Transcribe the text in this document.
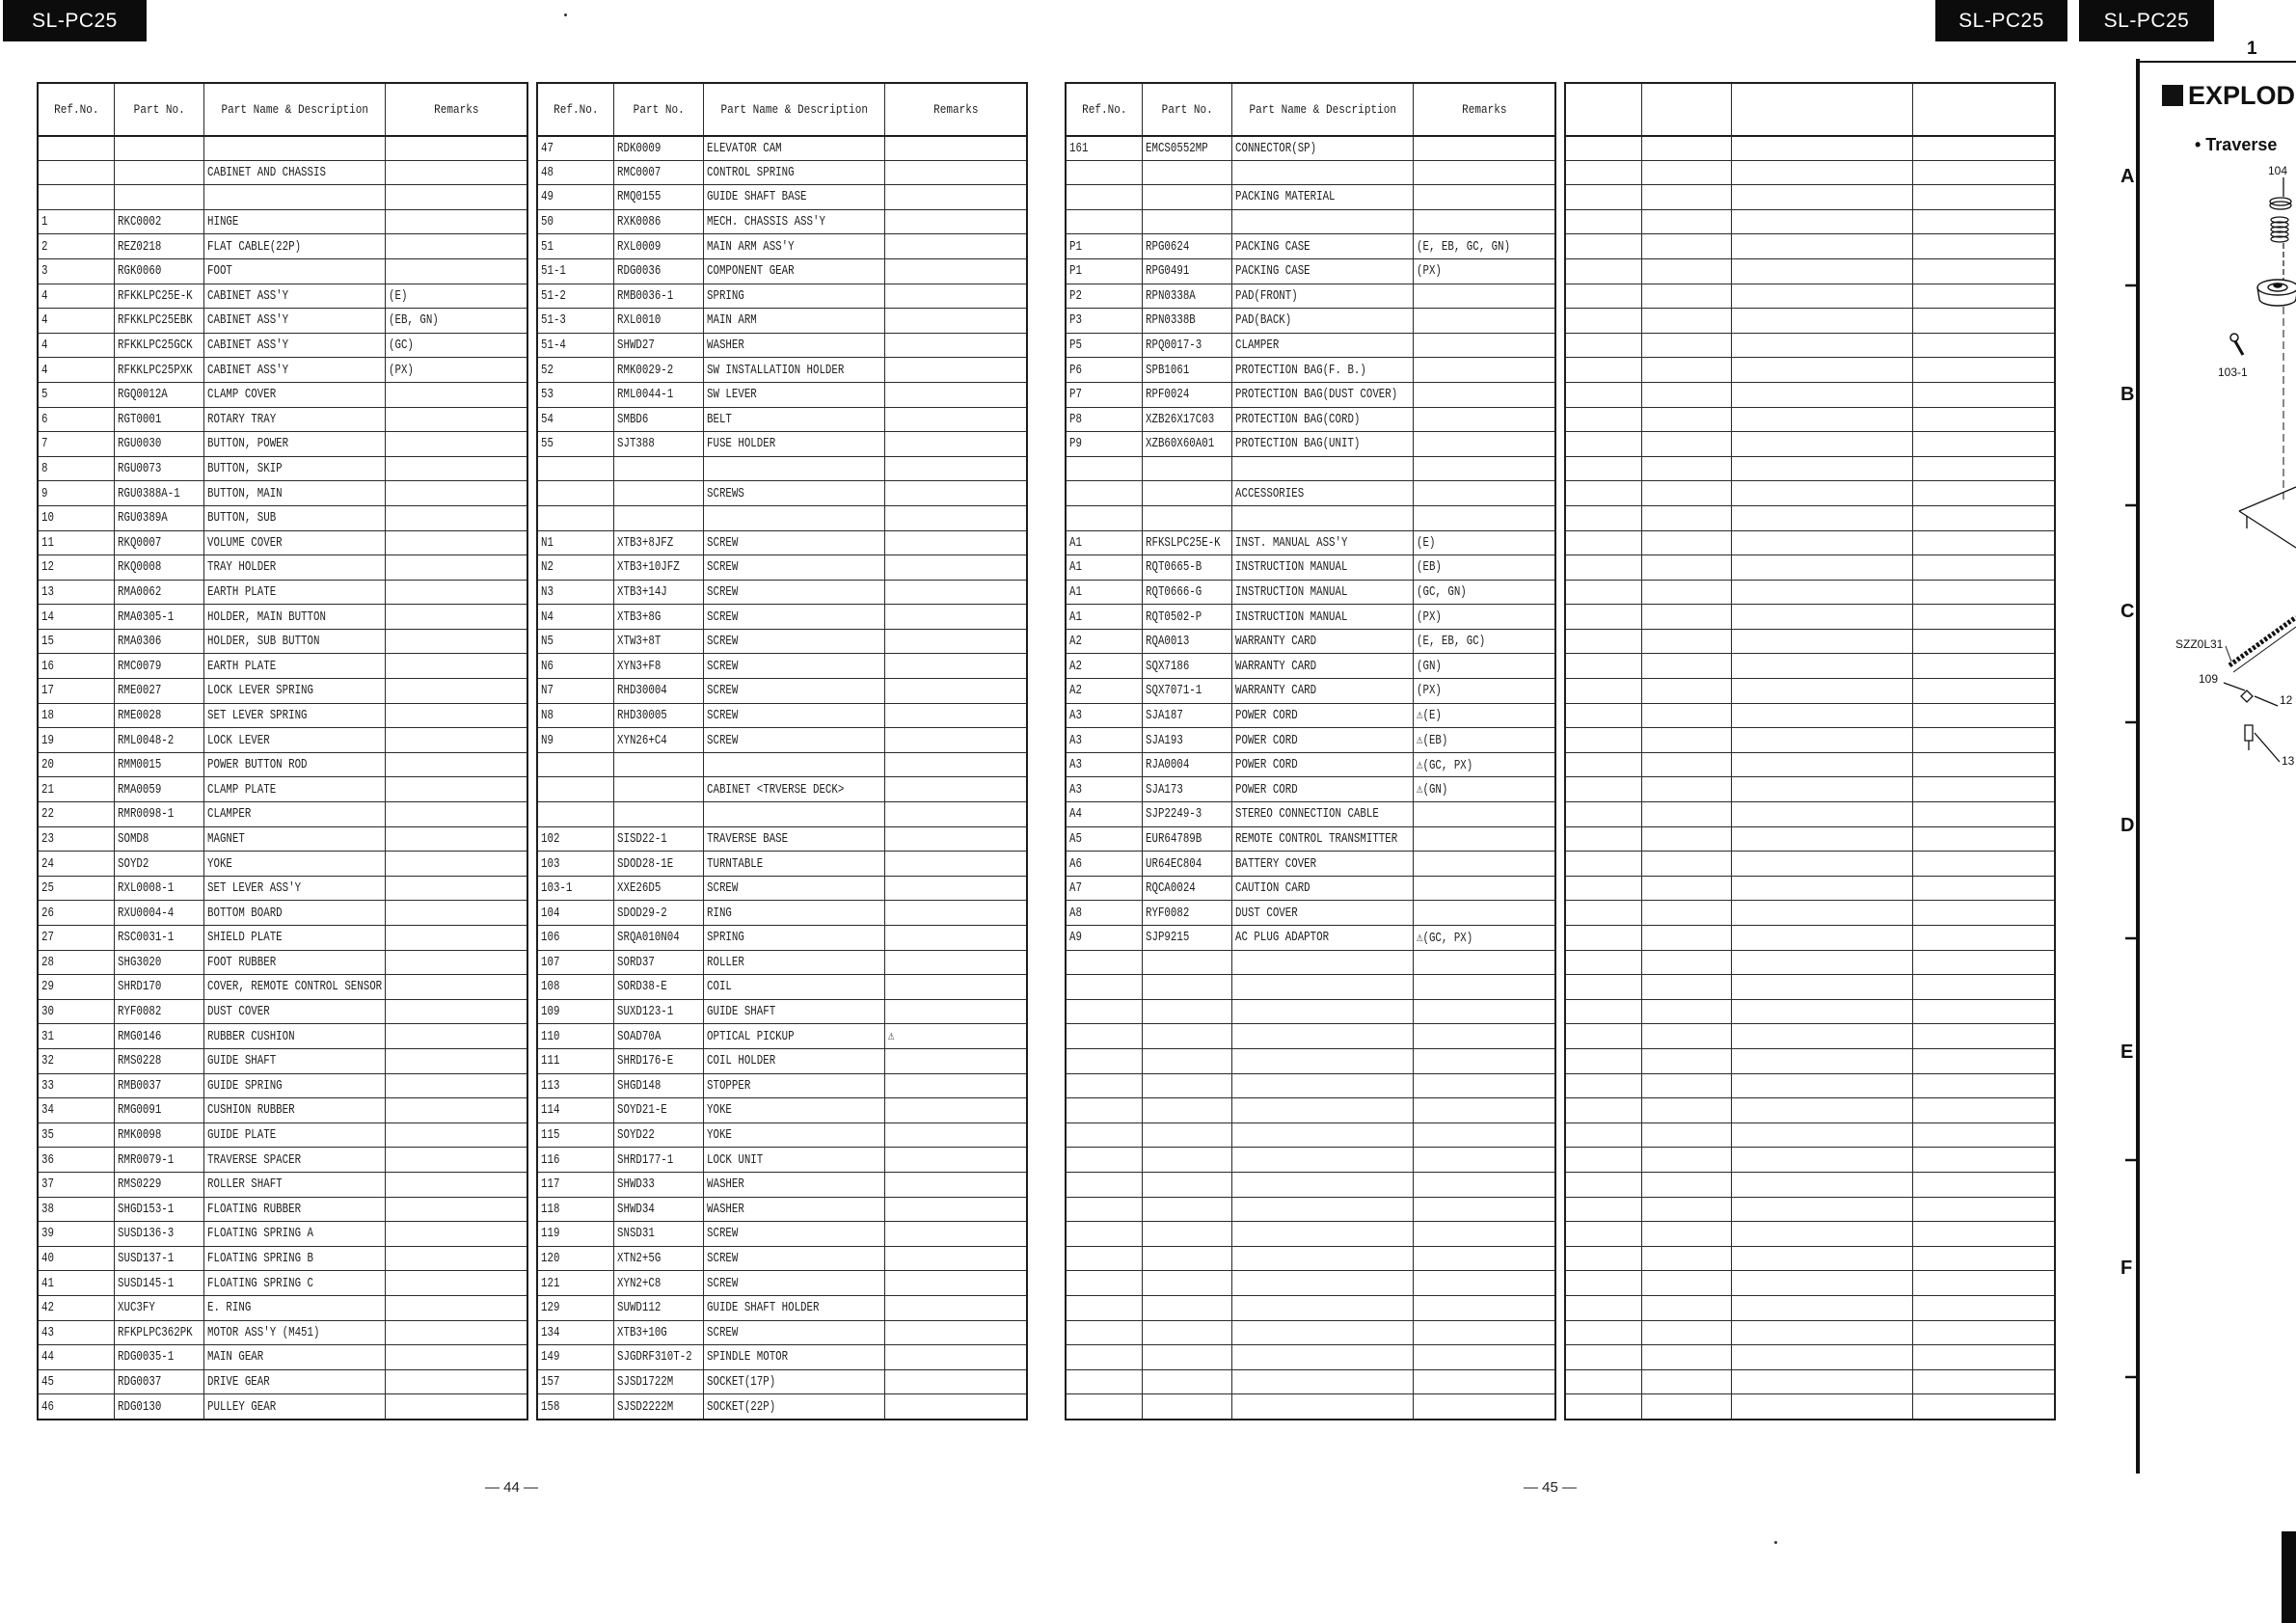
SL-PC25	SL-PC25	SL-PC25
Ref.No.	Part No.	Part Name & Description	Remarks
CABINET AND CHASSIS
1	RKC0002	HINGE
2	REZ0218	FLAT CABLE(22P)
3	RGK0060	FOOT
4	RFKKLPC25E-K CABINET ASS'Y	(E)
4	RFKKLPC25EBK CABINET ASS'Y	(EB, GN)
4	RFKKLPC25GCK CABINET ASS'Y	(GC)
4	RFKKLPC25PXK CABINET ASS'Y	(PX)
5	RGQ0012A	CLAMP COVER
6	RGT0001	ROTARY TRAY
7	RGU0030	BUTTON, POWER
8	RGU0073	BUTTON, SKIP
9	RGU0388A-1 BUTTON, MAIN
10	RGU0389A	BUTTON, SUB
11	RKQ0007	VOLUME COVER
12	RKQ0008	TRAY HOLDER
13	RMA0062	EARTH PLATE
14	RMA0305-1 HOLDER, MAIN BUTTON
15	RMA0306	HOLDER, SUB BUTTON
16	RMC0079	EARTH PLATE
17	RME0027	LOCK LEVER SPRING
18	RME0028	SET LEVER SPRING
19	RML0048-2 LOCK LEVER
20	RMM0015	POWER BUTTON ROD
21	RMA0059	CLAMP PLATE
22	RMR0098-1 CLAMPER
23	SOMD8	MAGNET
24	SOYD2	YOKE
25	RXL0008-1 SET LEVER ASS'Y
26	RXU0004-4 BOTTOM BOARD
27	RSC0031-1 SHIELD PLATE
28	SHG3020	FOOT RUBBER
29	SHRD170	COVER, REMOTE CONTROL SENSOR
30	RYF0082	DUST COVER
31	RMG0146	RUBBER CUSHION
32	RMS0228	GUIDE SHAFT
33	RMB0037	GUIDE SPRING
34	RMG0091	CUSHION RUBBER
35	RMK0098	GUIDE PLATE
36	RMR0079-1 TRAVERSE SPACER
37	RMS0229	ROLLER SHAFT
38	SHGD153-1 FLOATING RUBBER
39	SUSD136-3 FLOATING SPRING A
40	SUSD137-1 FLOATING SPRING B
41	SUSD145-1 FLOATING SPRING C
42	XUC3FY	E. RING
43	RFKPLPC362PK MOTOR ASS'Y (M451)
44	RDG0035-1 MAIN GEAR
45	RDG0037	DRIVE GEAR
46	RDG0130	PULLEY GEAR
Ref.No.	Part No.	Part Name & Description	Remarks
47	RDK0009	ELEVATOR CAM
48	RMC0007	CONTROL SPRING
49	RMQ0155	GUIDE SHAFT BASE
50	RXK0086	MECH. CHASSIS ASS'Y
51	RXL0009	MAIN ARM ASS'Y
51-1	RDG0036	COMPONENT GEAR
51-2	RMB0036-1 SPRING
51-3	RXL0010	MAIN ARM
51-4	SHWD27	WASHER
52	RMK0029-2 SW INSTALLATION HOLDER
53	RML0044-1 SW LEVER
54	SMBD6	BELT
55	SJT388	FUSE HOLDER
SCREWS
N1	XTB3+8JFZ SCREW
N2	XTB3+10JFZ SCREW
N3	XTB3+14J	SCREW
N4	XTB3+8G	SCREW
N5	XTW3+8T	SCREW
N6	XYN3+F8	SCREW
N7	RHD30004	SCREW
N8	RHD30005	SCREW
N9	XYN26+C4	SCREW
CABINET <TRVERSE DECK>
102	SISD22-1	TRAVERSE BASE
103	SDOD28-1E TURNTABLE
103-1	XXE26D5	SCREW
104	SDOD29-2	RING
106	SRQA010N04 SPRING
107	SORD37	ROLLER
108	SORD38-E	COIL
109	SUXD123-1 GUIDE SHAFT
110	SOAD70A	OPTICAL PICKUP	⚠
111	SHRD176-E COIL HOLDER
113	SHGD148	STOPPER
114	SOYD21-E	YOKE
115	SOYD22	YOKE
116	SHRD177-1 LOCK UNIT
117	SHWD33	WASHER
118	SHWD34	WASHER
119	SNSD31	SCREW
120	XTN2+5G	SCREW
121	XYN2+C8	SCREW
129	SUWD112	GUIDE SHAFT HOLDER
134	XTB3+10G	SCREW
149	SJGDRF310T-2 SPINDLE MOTOR
157	SJSD1722M SOCKET(17P)
158	SJSD2222M SOCKET(22P)
Ref.No.	Part No.	Part Name & Description	Remarks
161	EMCS0552MP CONNECTOR(SP)
PACKING MATERIAL
P1	RPG0624	PACKING CASE	(E, EB, GC, GN)
P1	RPG0491	PACKING CASE	(PX)
P2	RPN0338A	PAD(FRONT)
P3	RPN0338B	PAD(BACK)
P5	RPQ0017-3 CLAMPER
P6	SPB1061	PROTECTION BAG(F. B.)
P7	RPF0024	PROTECTION BAG(DUST COVER)
P8	XZB26X17C03 PROTECTION BAG(CORD)
P9	XZB60X60A01 PROTECTION BAG(UNIT)
ACCESSORIES
A1	RFKSLPC25E-K INST. MANUAL ASS'Y	(E)
A1	RQT0665-B INSTRUCTION MANUAL	(EB)
A1	RQT0666-G INSTRUCTION MANUAL	(GC, GN)
A1	RQT0502-P INSTRUCTION MANUAL	(PX)
A2	RQA0013	WARRANTY CARD	(E, EB, GC)
A2	SQX7186	WARRANTY CARD	(GN)
A2	SQX7071-1 WARRANTY CARD	(PX)
A3	SJA187	POWER CORD	⚠(E)
A3	SJA193	POWER CORD	⚠(EB)
A3	RJA0004	POWER CORD	⚠(GC, PX)
A3	SJA173	POWER CORD	⚠(GN)
A4	SJP2249-3 STEREO CONNECTION CABLE
A5	EUR64789B REMOTE CONTROL TRANSMITTER
A6	UR64EC804 BATTERY COVER
A7	RQCA0024	CAUTION CARD
A8	RYF0082	DUST COVER
A9	SJP9215	AC PLUG ADAPTOR	⚠(GC, PX)
— 44 —	— 45 —
1
EXPLOD
• Traverse
A
B
C
D
E
F
104
103-1
SZZ0L31
109
12
13
